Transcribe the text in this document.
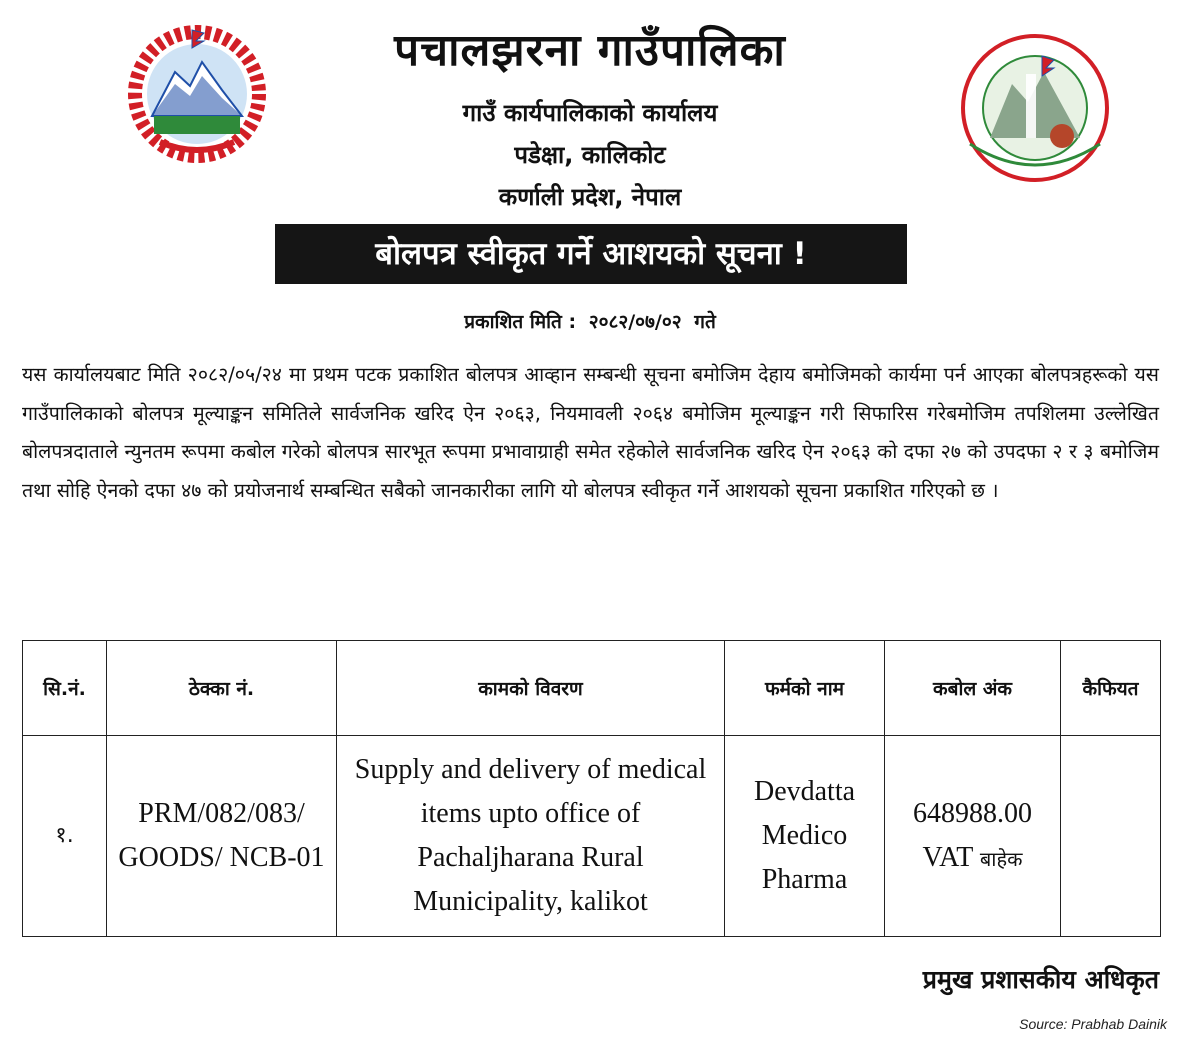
पचालझरना गाउँपालिका
गाउँ कार्यपालिकाको कार्यालय
पडेक्षा, कालिकोट
कर्णाली प्रदेश, नेपाल
बोलपत्र स्वीकृत गर्ने आशयको सूचना !
प्रकाशित मिति : २०८२/०७/०२ गते
यस कार्यालयबाट मिति २०८२/०५/२४ मा प्रथम पटक प्रकाशित बोलपत्र आव्हान सम्बन्धी सूचना बमोजिम देहाय बमोजिमको कार्यमा पर्न आएका बोलपत्रहरूको यस गाउँपालिकाको बोलपत्र मूल्याङ्कन समितिले सार्वजनिक खरिद ऐन २०६३, नियमावली २०६४ बमोजिम मूल्याङ्कन गरी सिफारिस गरेबमोजिम तपशिलमा उल्लेखित बोलपत्रदाताले न्युनतम रूपमा कबोल गरेको बोलपत्र सारभूत रूपमा प्रभावाग्राही समेत रहेकोले सार्वजनिक खरिद ऐन २०६३ को दफा २७ को उपदफा २ र ३ बमोजिम तथा सोहि ऐनको दफा ४७ को प्रयोजनार्थ सम्बन्धित सबैको जानकारीका लागि यो बोलपत्र स्वीकृत गर्ने आशयको सूचना प्रकाशित गरिएको छ ।
सि.नं.	ठेक्का नं.	कामको विवरण	फर्मको नाम	कबोल अंक	कैफियत
१.	PRM/082/083/ GOODS/ NCB-01	Supply and delivery of medical items upto office of Pachaljharana Rural Municipality, kalikot	Devdatta Medico Pharma	648988.00
VAT बाहेक	

प्रमुख प्रशासकीय अधिकृत
Source: Prabhab Dainik
